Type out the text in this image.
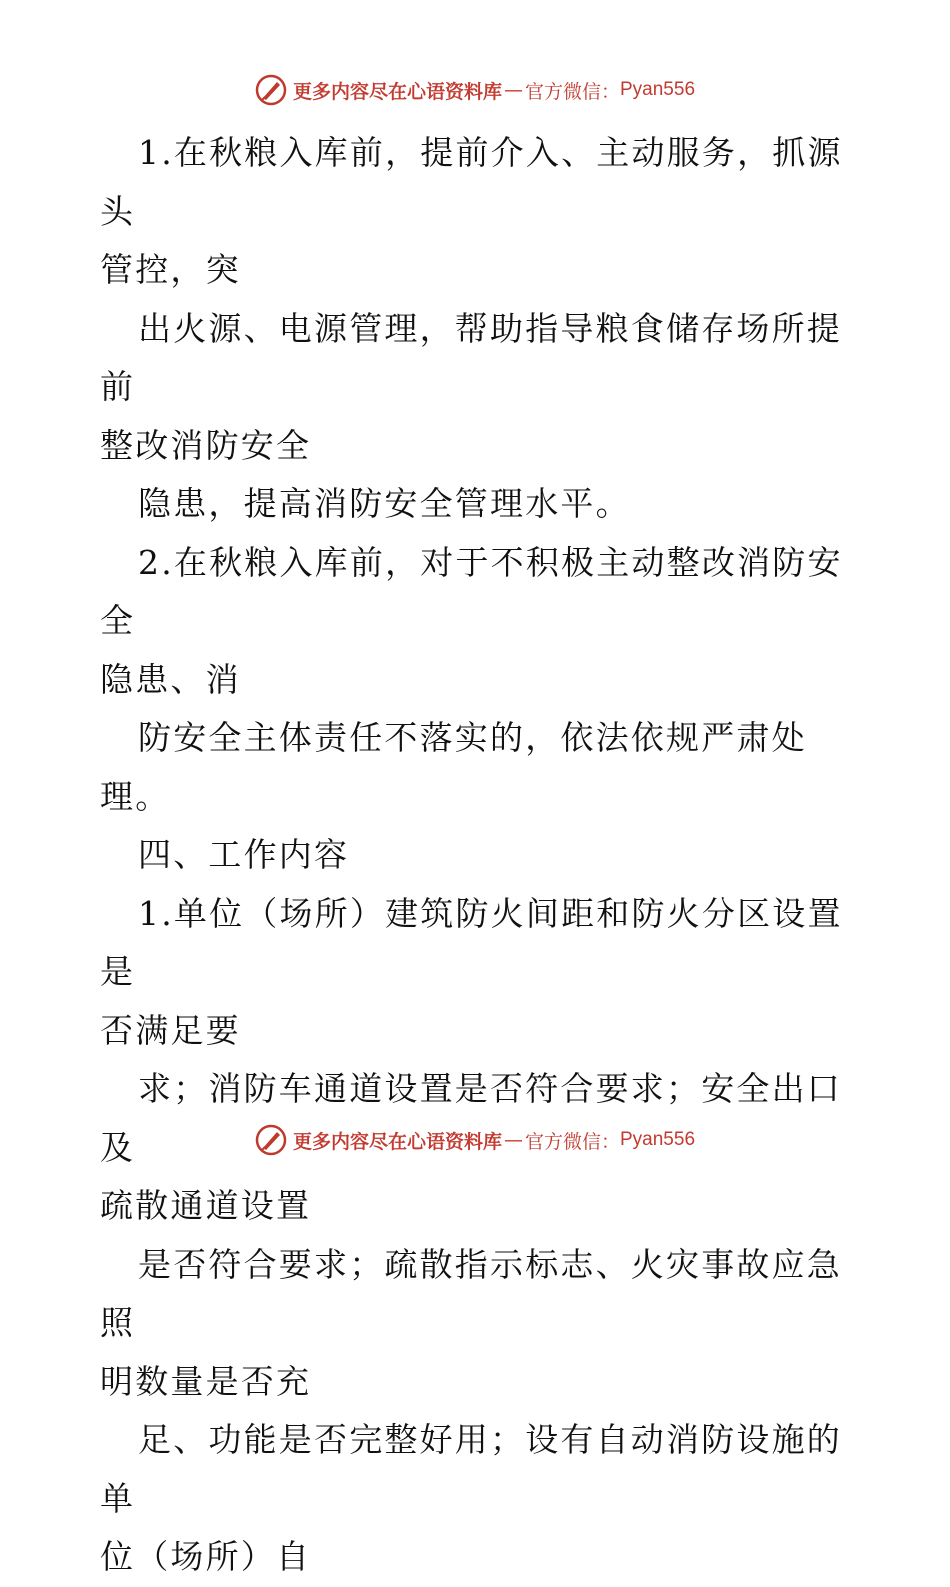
更多内容尽在心语资料库 — 官方微信： Pyan556

1.在秋粮入库前，提前介入、主动服务，抓源头

管控，突

出火源、电源管理，帮助指导粮食储存场所提前

整改消防安全

隐患，提高消防安全管理水平。

2.在秋粮入库前，对于不积极主动整改消防安全

隐患、消

防安全主体责任不落实的，依法依规严肃处理。

四、工作内容

1.单位（场所）建筑防火间距和防火分区设置是

否满足要

求；消防车通道设置是否符合要求；安全出口及

疏散通道设置

是否符合要求；疏散指示标志、火灾事故应急照

明数量是否充

足、功能是否完整好用；设有自动消防设施的单

位（场所）自

更多内容尽在心语资料库 — 官方微信： Pyan556
